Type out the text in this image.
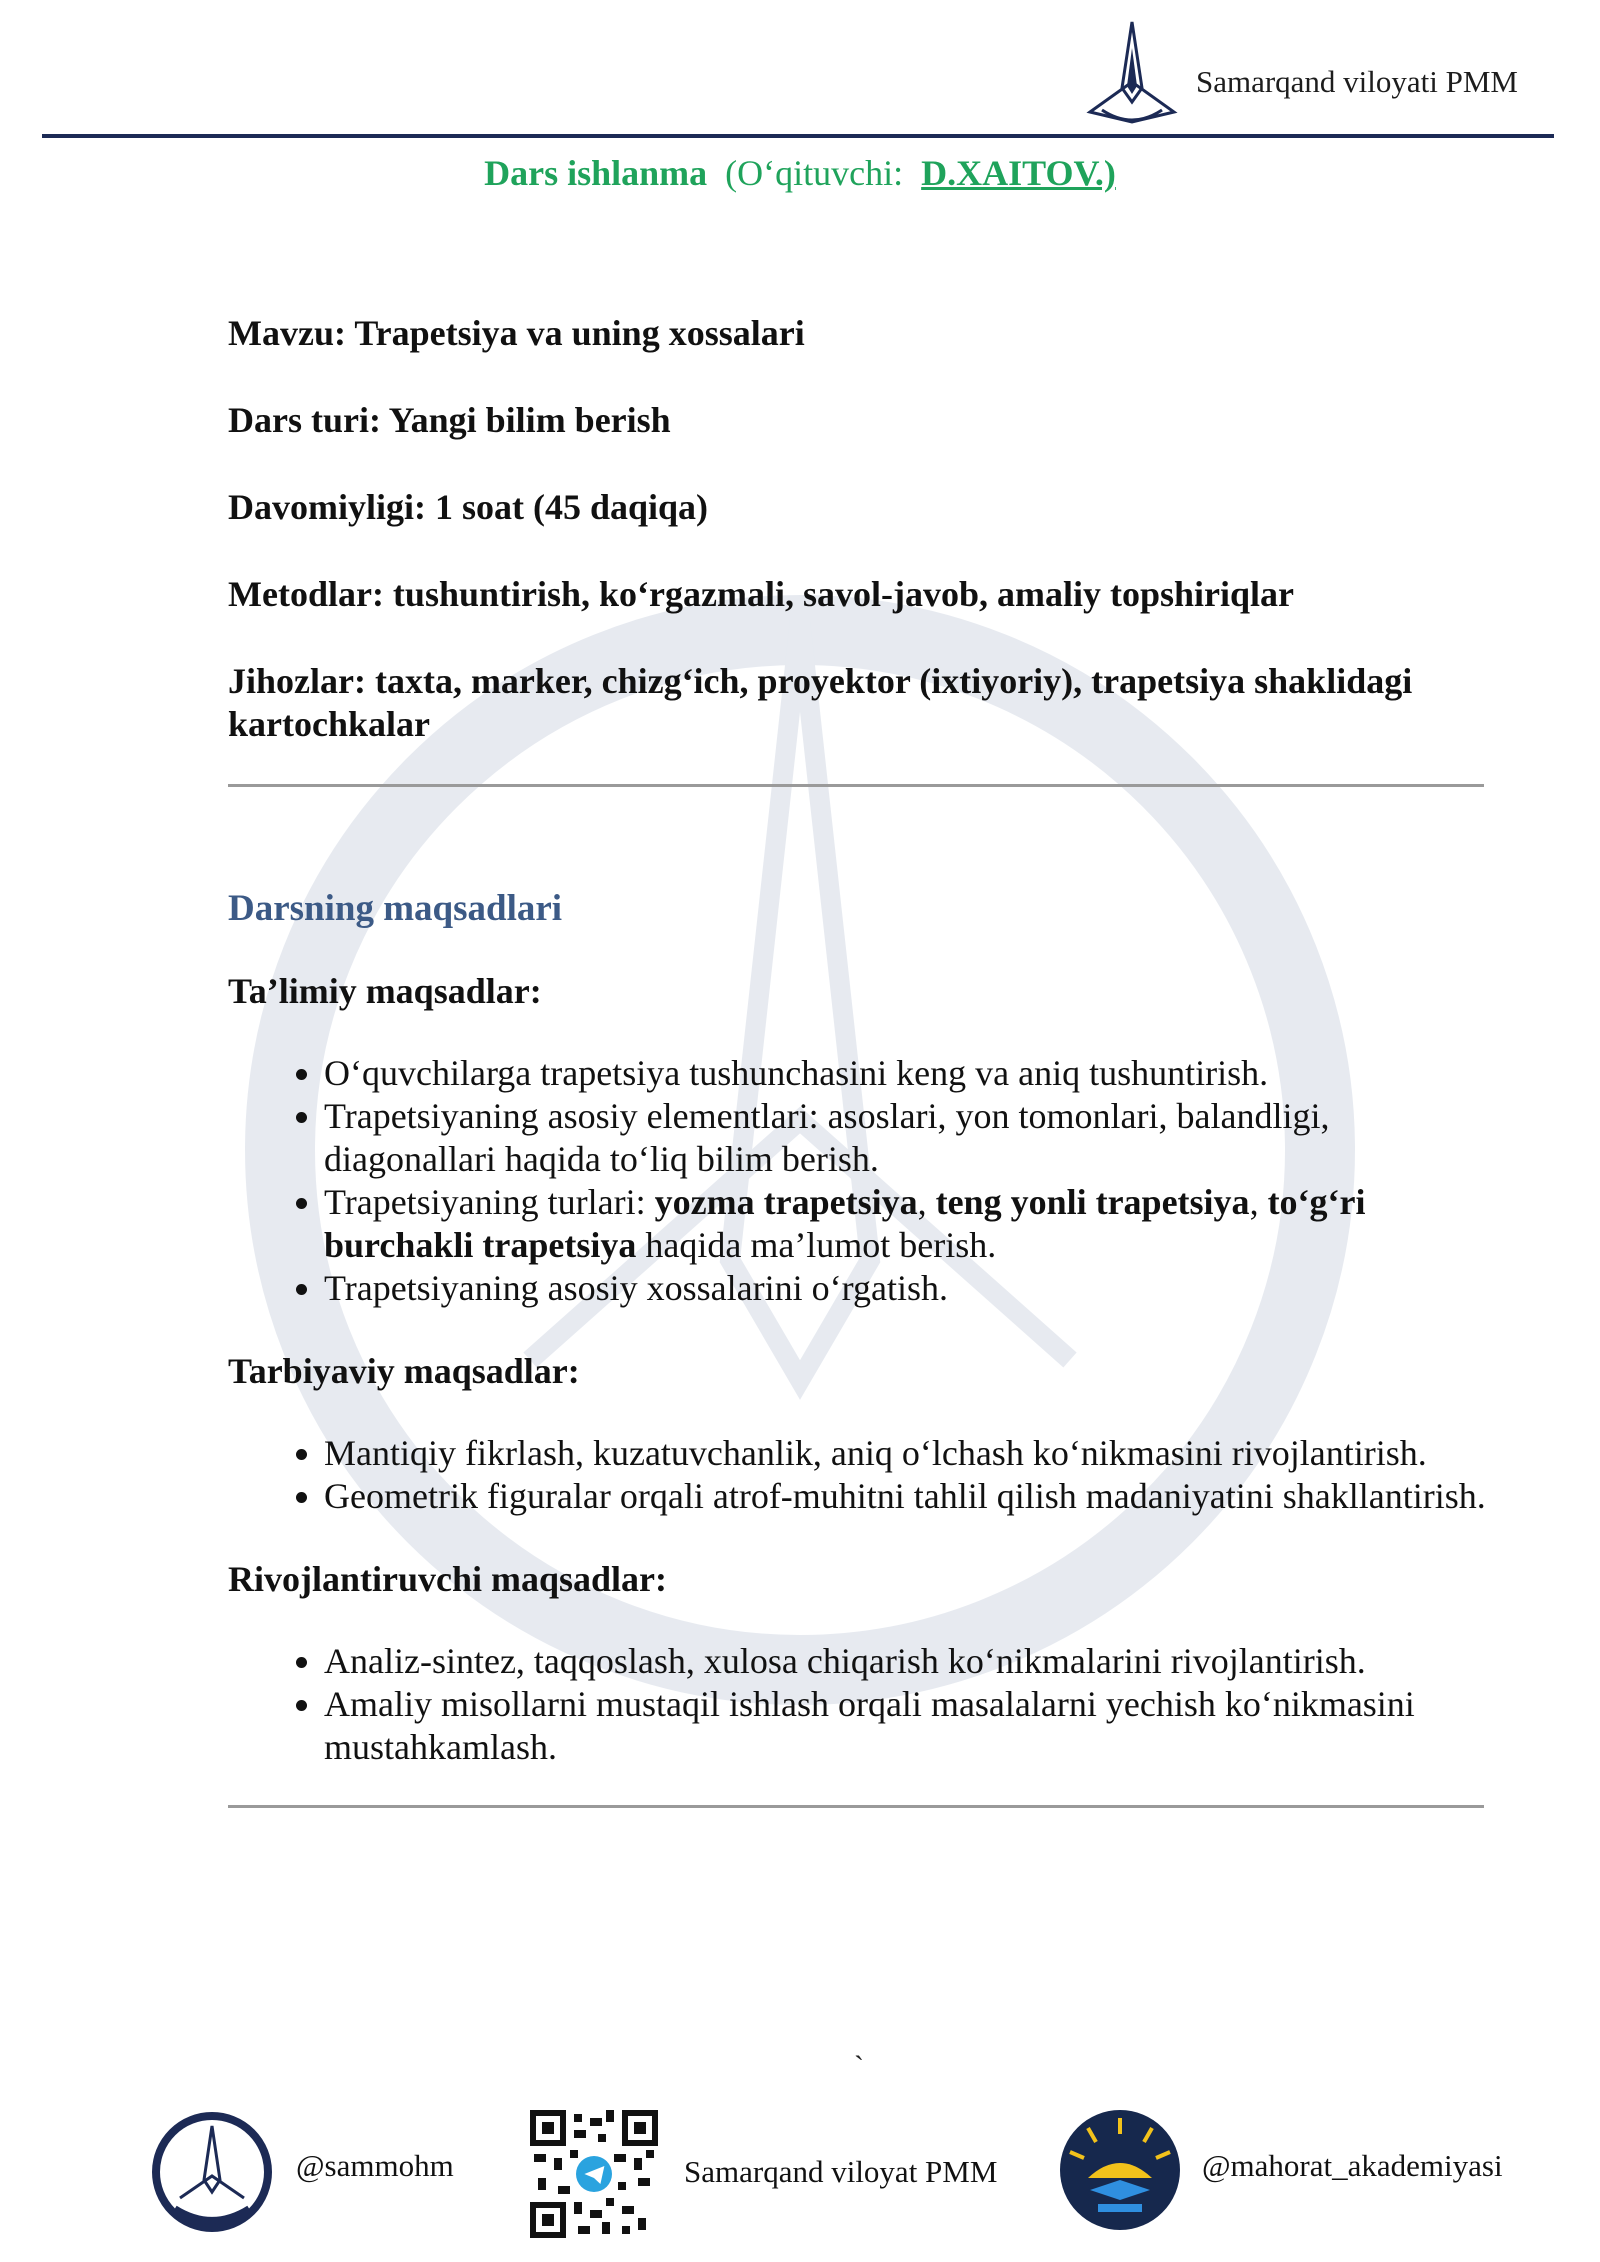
Samarqand viloyati PMM
Dars ishlanma (O‘qituvchi: D.XAITOV.)

Mavzu: Trapetsiya va uning xossalari

Dars turi: Yangi bilim berish

Davomiyligi: 1 soat (45 daqiqa)

Metodlar: tushuntirish, ko‘rgazmali, savol-javob, amaliy topshiriqlar

Jihozlar: taxta, marker, chizg‘ich, proyektor (ixtiyoriy), trapetsiya shaklidagi kartochkalar

Darsning maqsadlari
Ta’limiy maqsadlar:
• O‘quvchilarga trapetsiya tushunchasini keng va aniq tushuntirish.
• Trapetsiyaning asosiy elementlari: asoslari, yon tomonlari, balandligi, diagonallari haqida to‘liq bilim berish.
• Trapetsiyaning turlari: yozma trapetsiya, teng yonli trapetsiya, to‘g‘ri burchakli trapetsiya haqida ma’lumot berish.
• Trapetsiyaning asosiy xossalarini o‘rgatish.
Tarbiyaviy maqsadlar:
• Mantiqiy fikrlash, kuzatuvchanlik, aniq o‘lchash ko‘nikmasini rivojlantirish.
• Geometrik figuralar orqali atrof-muhitni tahlil qilish madaniyatini shakllantirish.
Rivojlantiruvchi maqsadlar:
• Analiz-sintez, taqqoslash, xulosa chiqarish ko‘nikmalarini rivojlantirish.
• Amaliy misollarni mustaqil ishlash orqali masalalarni yechish ko‘nikmasini mustahkamlash.
`
@sammohm	Samarqand viloyat PMM	@mahorat_akademiyasi
